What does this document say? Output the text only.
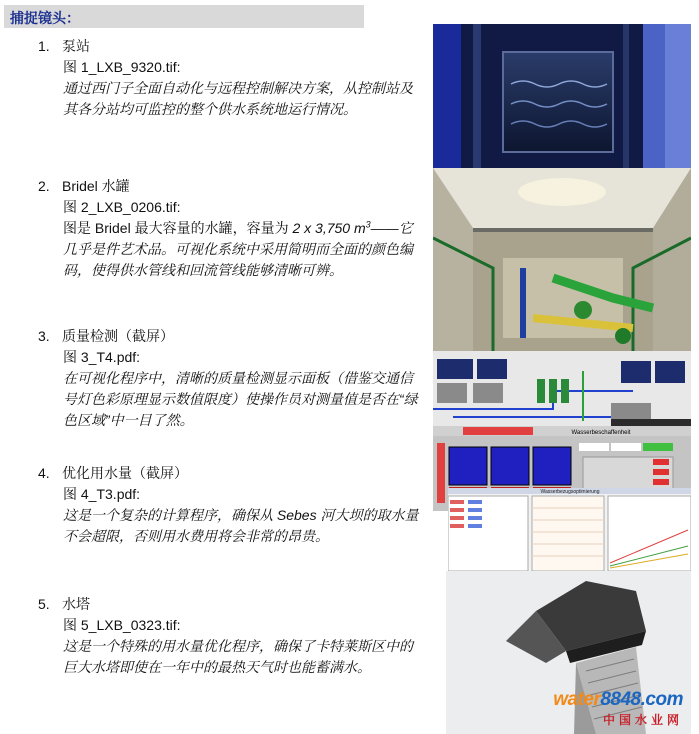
捕捉镜头：
1. 泵站
图 1_LXB_9320.tif:
通过西门子全面自动化与远程控制解决方案，从控制站及其各分站均可监控的整个供水系统地运行情况。
2. Bridel 水罐
图 2_LXB_0206.tif:
图是 Bridel 最大容量的水罐，容量为 2 x 3,750 $m^3——$它几乎是件艺术品。可视化系统中采用简明而全面的颜色编码，使得供水管线和回流管线能够清晰可辨。
3. 质量检测（截屏）
图 3_T4.pdf:
在可视化程序中，清晰的质量检测显示面板（借鉴交通信号灯色彩原理显示数值限度）使操作员对测量值是否在“绿色区域”中一目了然。
4. 优化用水量（截屏）
图 4_T3.pdf:
这是一个复杂的计算程序，确保从 Sebes 河大坝的取水量不会超限，否则用水费用将会非常的昂贵。
5. 水塔
图 5_LXB_0323.tif:
这是一个特殊的用水量优化程序，确保了卡特莱斯区中的巨大水塔即使在一年中的最热天气时也能蓄满水。
Wasserbeschaffenheit
Wasserbezugsoptimierung
water8848.com
中国水业网
